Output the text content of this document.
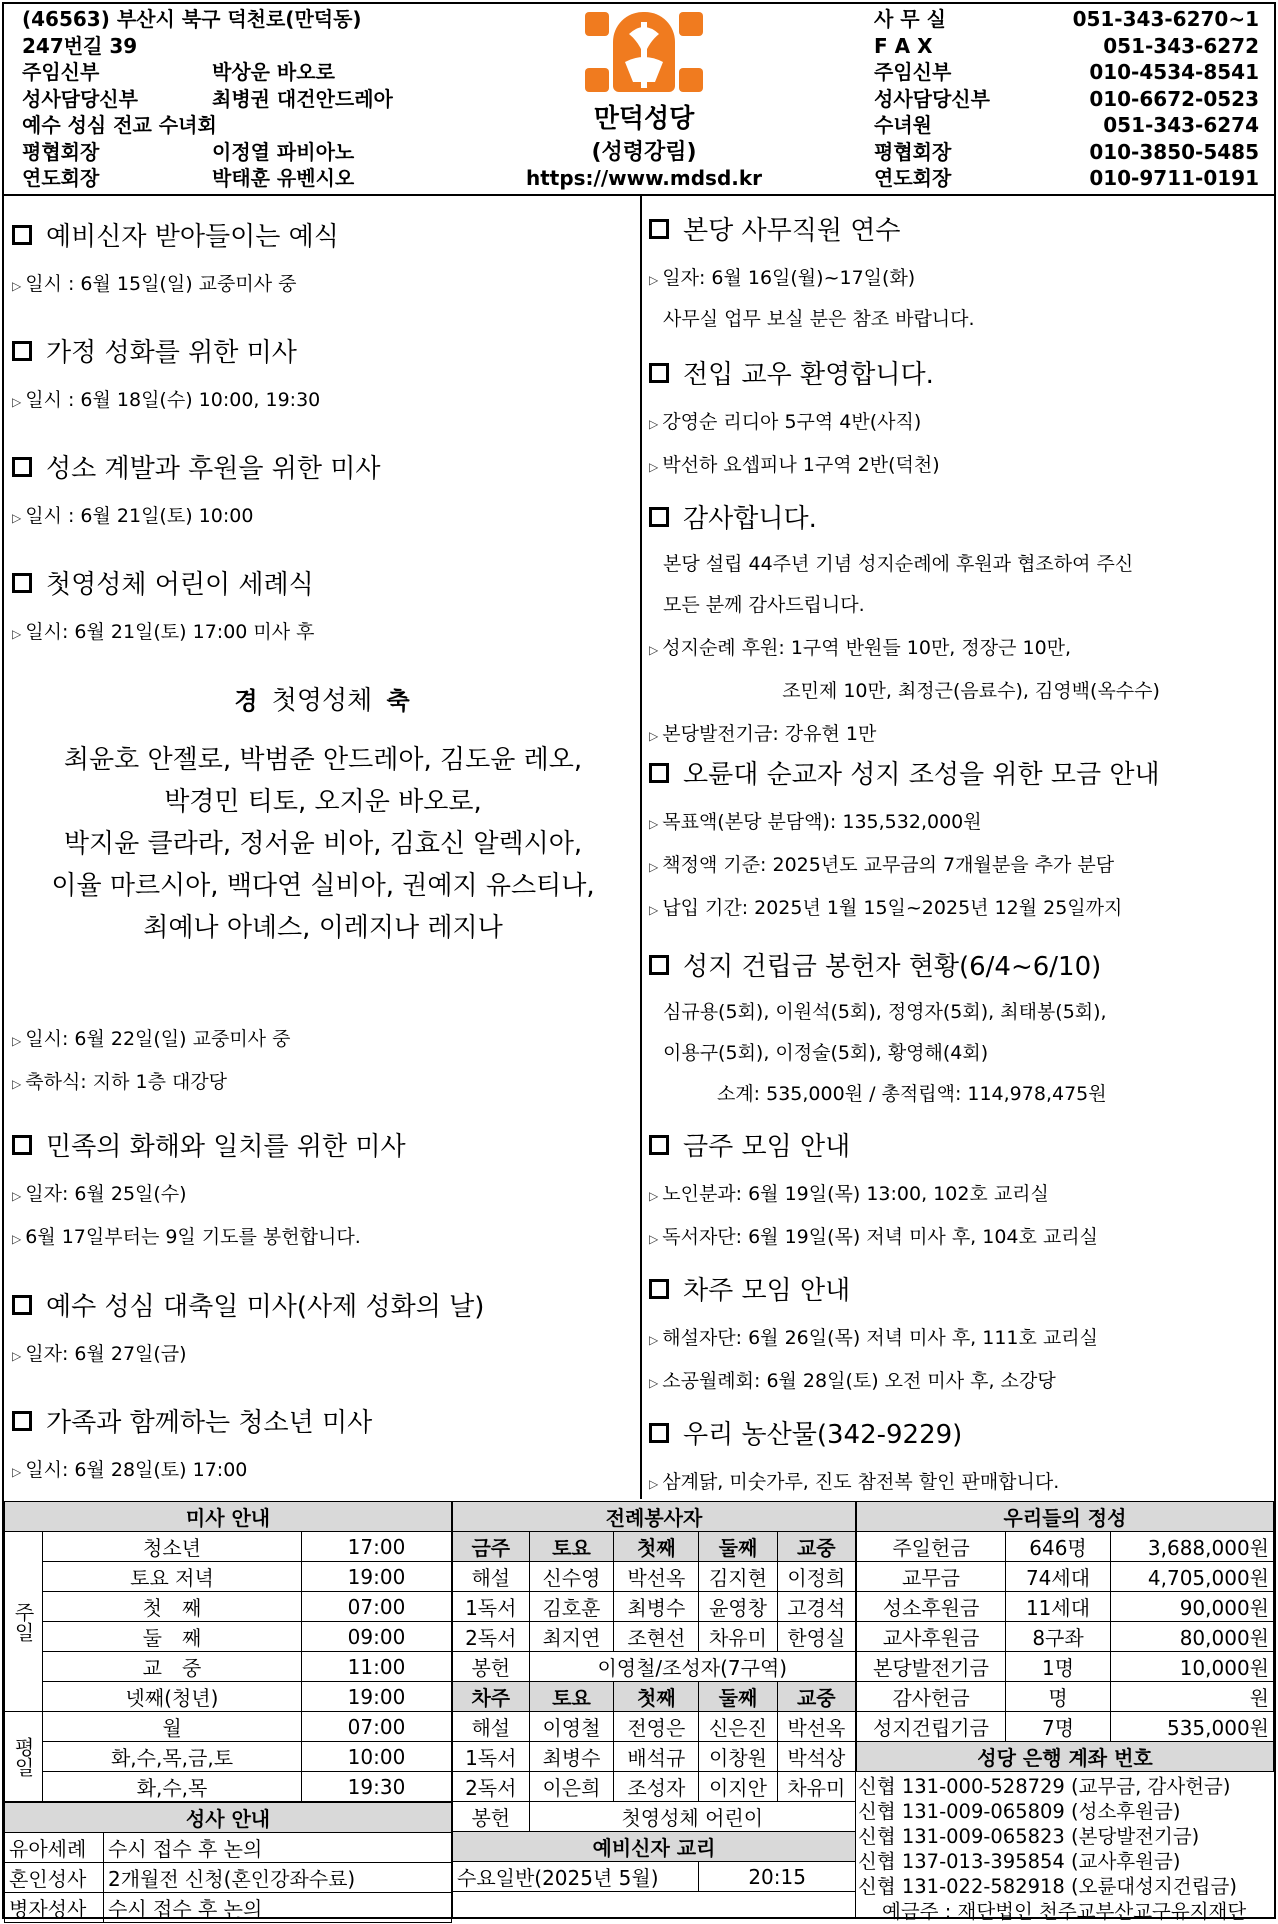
(46563) 부산시 북구 덕천로(만덕동)
247번길 39
주임신부	박상운 바오로
성사담당신부	최병권 대건안드레아
예수 성심 전교 수녀회
평협회장	이정열 파비아노
연도회장	박태훈 유벤시오
만덕성당
(성령강림)
https://www.mdsd.kr
사 무 실	051-343-6270~1
F A X	051-343-6272
주임신부	010-4534-8541
성사담당신부	010-6672-0523
수녀원	051-343-6274
평협회장	010-3850-5485
연도회장	010-9711-0191
예비신자 받아들이는 예식
▷ 일시 : 6월 15일(일) 교중미사 중
가정 성화를 위한 미사
▷ 일시 : 6월 18일(수) 10:00, 19:30
성소 계발과 후원을 위한 미사
▷ 일시 : 6월 21일(토) 10:00
첫영성체 어린이 세례식
▷ 일시: 6월 21일(토) 17:00 미사 후
민족의 화해와 일치를 위한 미사
▷ 일자: 6월 25일(수)
▷ 6월 17일부터는 9일 기도를 봉헌합니다.
예수 성심 대축일 미사(사제 성화의 날)
▷ 일자: 6월 27일(금)
가족과 함께하는 청소년 미사
▷ 일시: 6월 28일(토) 17:00
경 첫영성체 축
최윤호 안젤로, 박범준 안드레아, 김도윤 레오,
박경민 티토, 오지운 바오로,
박지윤 클라라, 정서윤 비아, 김효신 알렉시아,
이율 마르시아, 백다연 실비아, 권예지 유스티나,
최예나 아녜스, 이레지나 레지나
▷ 일시: 6월 22일(일) 교중미사 중
▷ 축하식: 지하 1층 대강당
본당 사무직원 연수
▷ 일자: 6월 16일(월)~17일(화)
사무실 업무 보실 분은 참조 바랍니다.
전입 교우 환영합니다.
▷ 강영순 리디아 5구역 4반(사직)
▷ 박선하 요셉피나 1구역 2반(덕천)
감사합니다.
본당 설립 44주년 기념 성지순례에 후원과 협조하여 주신
모든 분께 감사드립니다.
▷ 성지순례 후원: 1구역 반원들 10만, 정장근 10만,
조민제 10만, 최정근(음료수), 김영백(옥수수)
▷ 본당발전기금: 강유현 1만
오륜대 순교자 성지 조성을 위한 모금 안내
▷ 목표액(본당 분담액): 135,532,000원
▷ 책정액 기준: 2025년도 교무금의 7개월분을 추가 분담
▷ 납입 기간: 2025년 1월 15일~2025년 12월 25일까지
성지 건립금 봉헌자 현황(6/4~6/10)
심규용(5회), 이원석(5회), 정영자(5회), 최태봉(5회),
이용구(5회), 이정술(5회), 황영해(4회)
소계: 535,000원 / 총적립액: 114,978,475원
금주 모임 안내
▷ 노인분과: 6월 19일(목) 13:00, 102호 교리실
▷ 독서자단: 6월 19일(목) 저녁 미사 후, 104호 교리실
차주 모임 안내
▷ 해설자단: 6월 26일(목) 저녁 미사 후, 111호 교리실
▷ 소공월례회: 6월 28일(토) 오전 미사 후, 소강당
우리 농산물(342-9229)
▷ 삼계닭, 미숫가루, 진도 참전복 할인 판매합니다.
미사 안내		
주일	청소년	17:00
	토요 저녁	19:00
	첫　째	07:00
	둘　째	09:00
	교　중	11:00
	넷째(청년)	19:00
평일	월	07:00
	화,수,목,금,토	10:00
	화,수,목	19:30
성사 안내	
유아세례	수시 접수 후 논의
혼인성사	2개월전 신청(혼인강좌수료)
병자성사	수시 접수 후 논의
전례봉사자				
금주	토요	첫째	둘째	교중
해설	신수영	박선옥	김지현	이정희
1독서	김호훈	최병수	윤영창	고경석
2독서	최지연	조현선	차유미	한영실
봉헌	이영철/조성자(7구역)			
차주	토요	첫째	둘째	교중
해설	이영철	전영은	신은진	박선옥
1독서	최병수	배석규	이창원	박석상
2독서	이은희	조성자	이지안	차유미
봉헌	첫영성체 어린이			
예비신자 교리				
수요일반(2025년 5월)			20:15	

우리들의 정성		
주일헌금	646명	3,688,000원
교무금	74세대	4,705,000원
성소후원금	11세대	90,000원
교사후원금	8구좌	80,000원
본당발전기금	1명	10,000원
감사헌금	명	원
성지건립기금	7명	535,000원
성당 은행 계좌 번호		
신협 131-000-528729 (교무금, 감사헌금)
신협 131-009-065809 (성소후원금)
신협 131-009-065823 (본당발전기금)
신협 137-013-395854 (교사후원금)
신협 131-022-582918 (오륜대성지건립금)
예금주 : 재단법인 천주교부산교구유지재단
